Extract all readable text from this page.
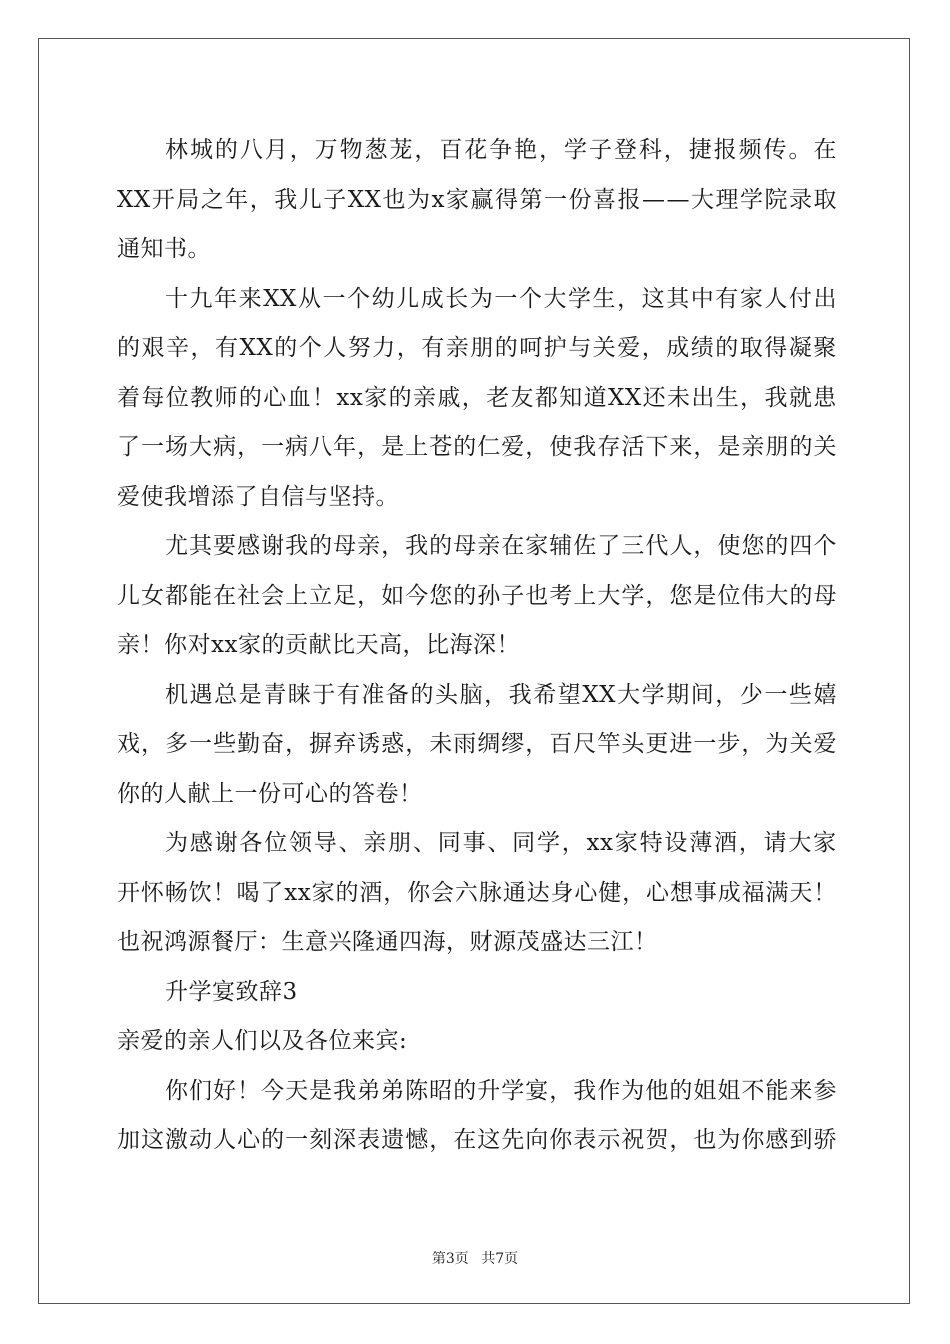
林 城 的 八 月 ， 万 物 葱 茏 ， 百 花 争 艳 ， 学 子 登 科 ， 捷 报 频 传 。 在
XX 开 局 之 年 ， 我 儿 子 XX 也 为 x 家 赢 得 第 一 份 喜 报 — — 大 理 学 院 录 取
通知书。
十 九 年 来 XX 从 一 个 幼 儿 成 长 为 一 个 大 学 生 ， 这 其 中 有 家 人 付 出
的 艰 辛 ， 有 XX 的 个 人 努 力 ， 有 亲 朋 的 呵 护 与 关 爱 ， 成 绩 的 取 得 凝 聚
着 每 位 教 师 的 心 血 ！ xx 家 的 亲 戚 ， 老 友 都 知 道 XX 还 未 出 生 ， 我 就 患
了 一 场 大 病 ， 一 病 八 年 ， 是 上 苍 的 仁 爱 ， 使 我 存 活 下 来 ， 是 亲 朋 的 关
爱使我增添了自信与坚持。
尤 其 要 感 谢 我 的 母 亲 ， 我 的 母 亲 在 家 辅 佐 了 三 代 人 ， 使 您 的 四 个
儿 女 都 能 在 社 会 上 立 足 ， 如 今 您 的 孙 子 也 考 上 大 学 ， 您 是 位 伟 大 的 母
亲！你对xx家的贡献比天高，比海深！
机 遇 总 是 青 睐 于 有 准 备 的 头 脑 ， 我 希 望 XX 大 学 期 间 ， 少 一 些 嬉
戏 ， 多 一 些 勤 奋 ， 摒 弃 诱 惑 ， 未 雨 绸 缪 ， 百 尺 竿 头 更 进 一 步 ， 为 关 爱
你的人献上一份可心的答卷！
为 感 谢 各 位 领 导 、 亲 朋 、 同 事 、 同 学 ， xx 家 特 设 薄 酒 ， 请 大 家
开 怀 畅 饮 ！ 喝 了 xx 家 的 酒 ， 你 会 六 脉 通 达 身 心 健 ， 心 想 事 成 福 满 天 ！
也祝鸿源餐厅：生意兴隆通四海，财源茂盛达三江！
升学宴致辞3
亲爱的亲人们以及各位来宾:
你 们 好 ！ 今 天 是 我 弟 弟 陈 昭 的 升 学 宴 ， 我 作 为 他 的 姐 姐 不 能 来 参
加 这 激 动 人 心 的 一 刻 深 表 遗 憾 ， 在 这 先 向 你 表 示 祝 贺 ， 也 为 你 感 到 骄
第3页 共7页
